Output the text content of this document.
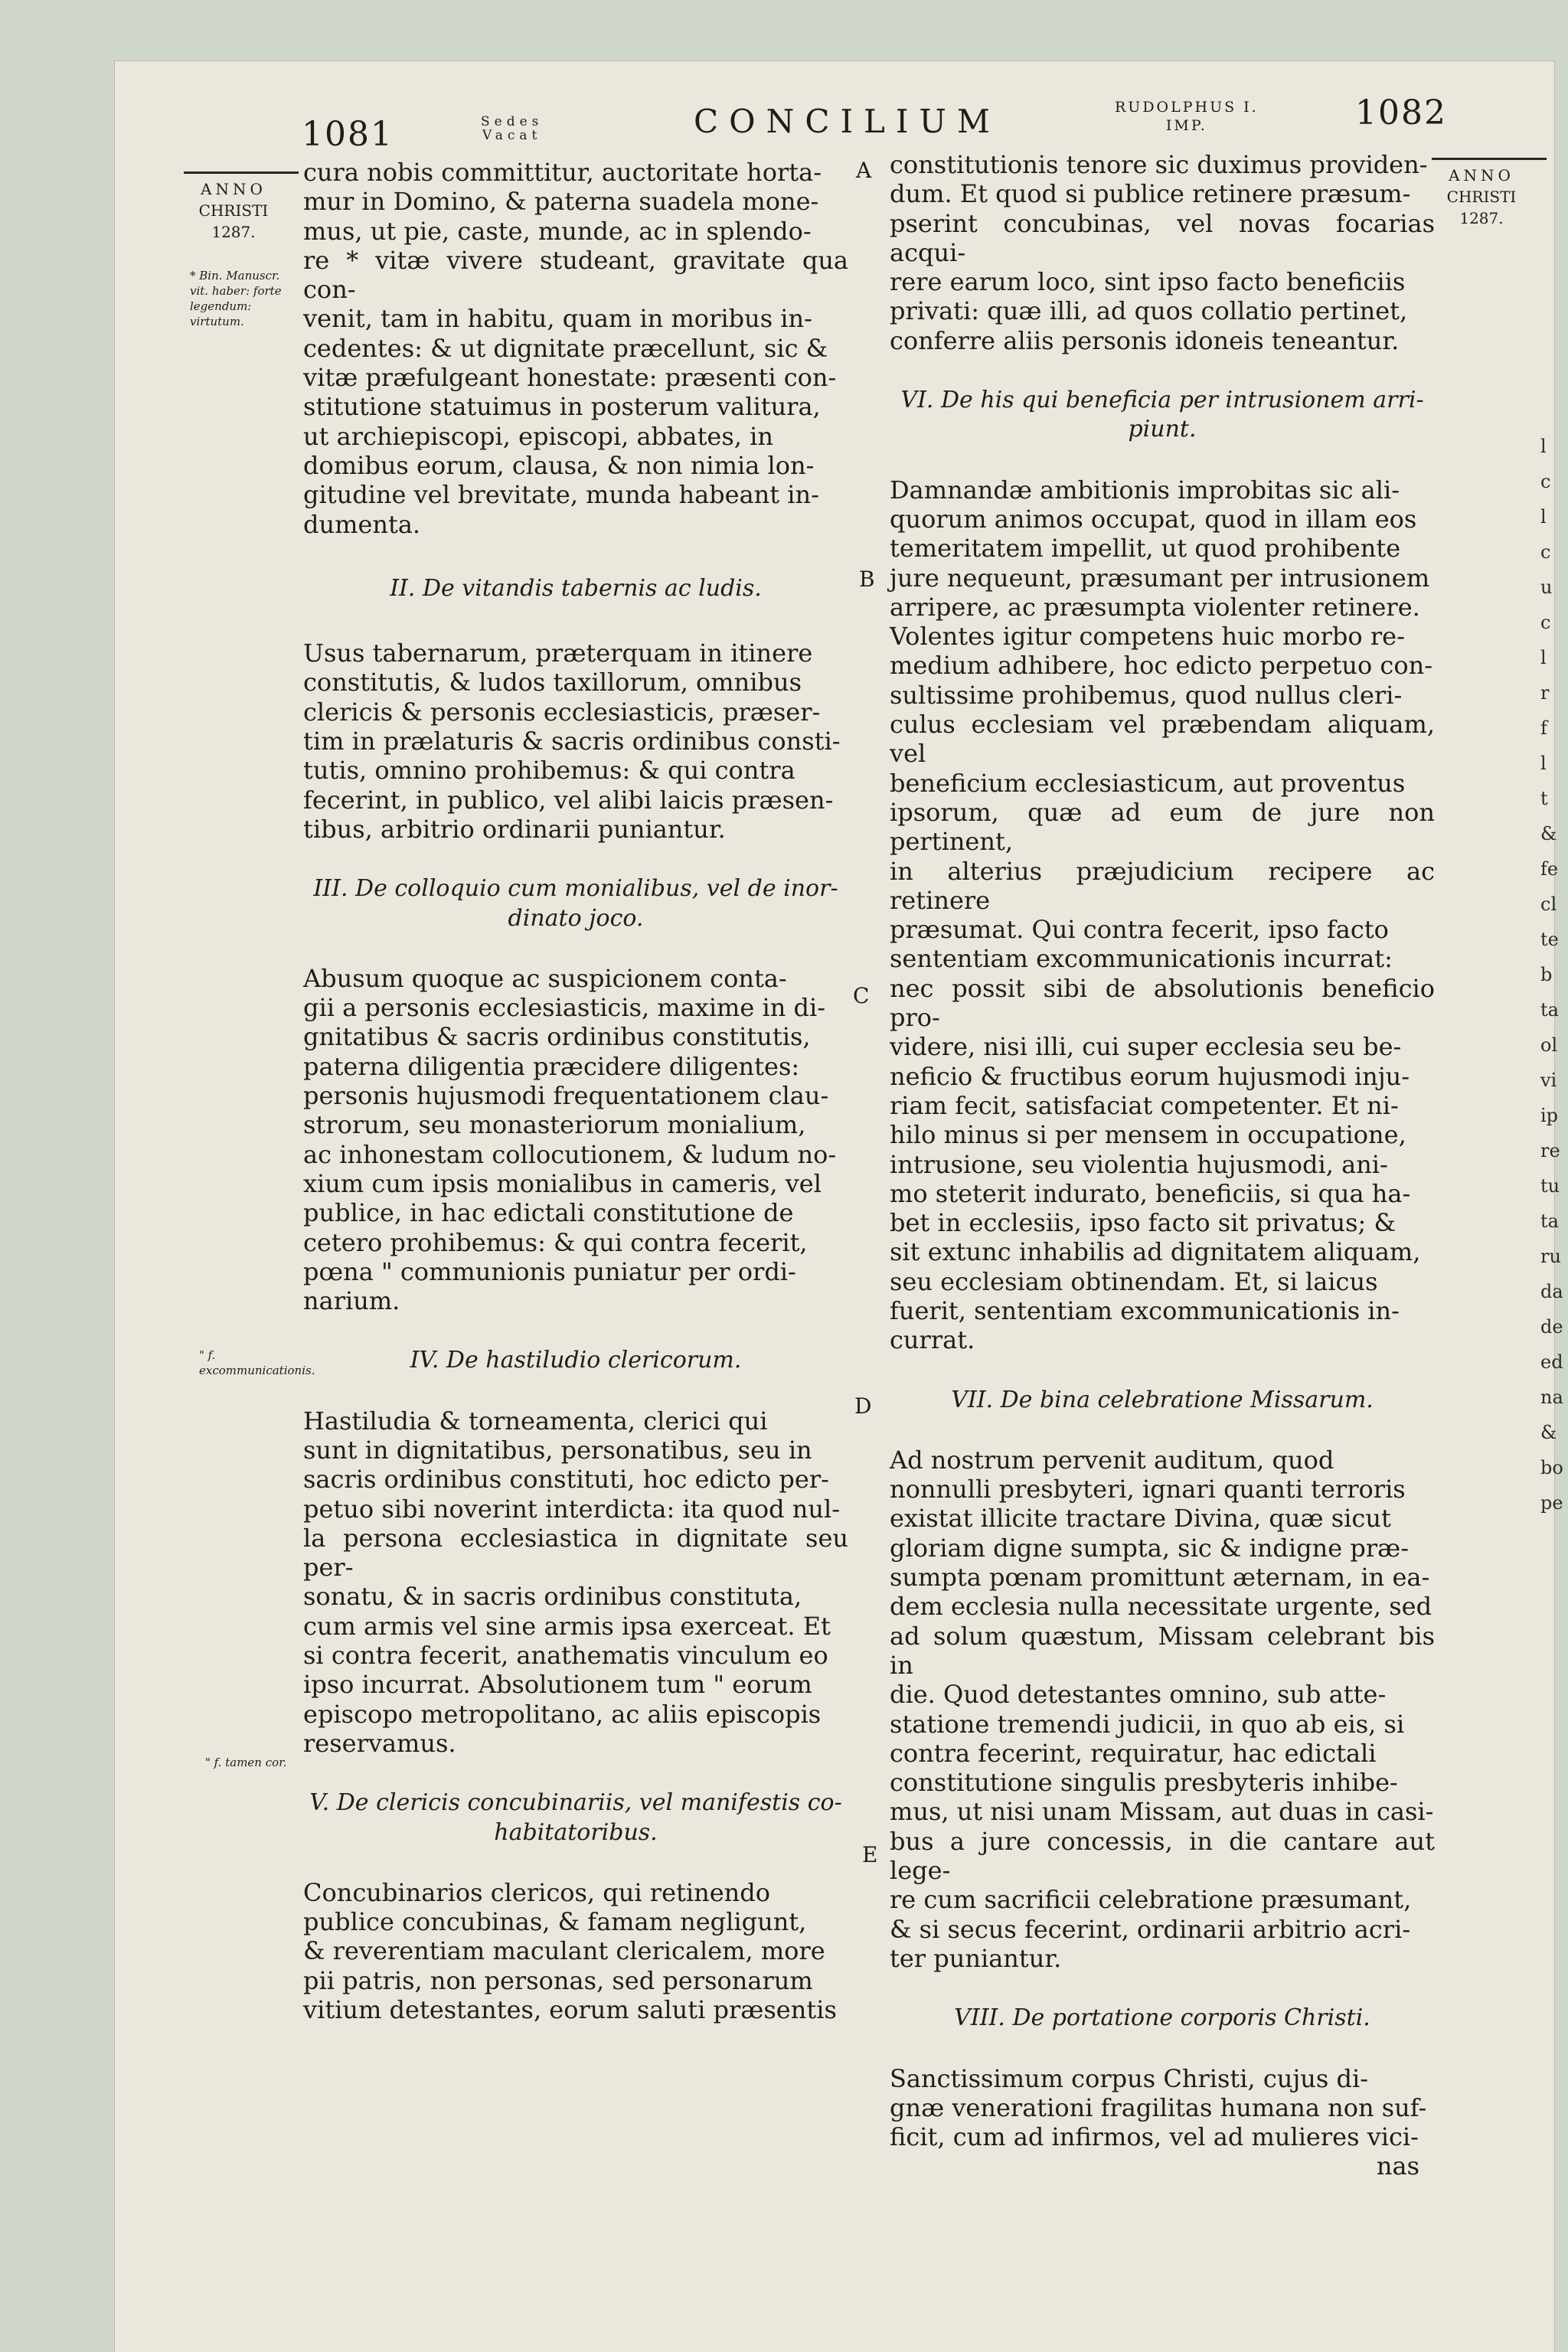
1081	Sedes
Vacat	CONCILIUM	RUDOLPHUS I.
IMP.	1082
ANNO
CHRISTI
1287.
* Bin. Manuscr. vit. haber: forte legendum: virtutum.
" f. excommunicationis.
" f. tamen cor.
ANNO
CHRISTI
1287.
A
B
C
D
E

cura nobis committitur, auctoritate horta-
mur in Domino, & paterna suadela mone-
mus, ut pie, caste, munde, ac in splendo-
re * vitæ vivere studeant, gravitate qua con-
venit, tam in habitu, quam in moribus in-
cedentes: & ut dignitate præcellunt, sic &
vitæ præfulgeant honestate: præsenti con-
stitutione statuimus in posterum valitura,
ut archiepiscopi, episcopi, abbates, in
domibus eorum, clausa, & non nimia lon-
gitudine vel brevitate, munda habeant in-
dumenta.

II. De vitandis tabernis ac ludis.

Usus tabernarum, præterquam in itinere
constitutis, & ludos taxillorum, omnibus
clericis & personis ecclesiasticis, præser-
tim in prælaturis & sacris ordinibus consti-
tutis, omnino prohibemus: & qui contra
fecerint, in publico, vel alibi laicis præsen-
tibus, arbitrio ordinarii puniantur.

III. De colloquio cum monialibus, vel de inor-
dinato joco.

Abusum quoque ac suspicionem conta-
gii a personis ecclesiasticis, maxime in di-
gnitatibus & sacris ordinibus constitutis,
paterna diligentia præcidere diligentes:
personis hujusmodi frequentationem clau-
strorum, seu monasteriorum monialium,
ac inhonestam collocutionem, & ludum no-
xium cum ipsis monialibus in cameris, vel
publice, in hac edictali constitutione de
cetero prohibemus: & qui contra fecerit,
pœna " communionis puniatur per ordi-
narium.

IV. De hastiludio clericorum.

Hastiludia & torneamenta, clerici qui
sunt in dignitatibus, personatibus, seu in
sacris ordinibus constituti, hoc edicto per-
petuo sibi noverint interdicta: ita quod nul-
la persona ecclesiastica in dignitate seu per-
sonatu, & in sacris ordinibus constituta,
cum armis vel sine armis ipsa exerceat. Et
si contra fecerit, anathematis vinculum eo
ipso incurrat. Absolutionem tum " eorum
episcopo metropolitano, ac aliis episcopis
reservamus.

V. De clericis concubinariis, vel manifestis co-
habitatoribus.

Concubinarios clericos, qui retinendo
publice concubinas, & famam negligunt,
& reverentiam maculant clericalem, more
pii patris, non personas, sed personarum
vitium detestantes, eorum saluti præsentis

constitutionis tenore sic duximus providen-
dum. Et quod si publice retinere præsum-
pserint concubinas, vel novas focarias acqui-
rere earum loco, sint ipso facto beneficiis
privati: quæ illi, ad quos collatio pertinet,
conferre aliis personis idoneis teneantur.

VI. De his qui beneficia per intrusionem arri-
piunt.

Damnandæ ambitionis improbitas sic ali-
quorum animos occupat, quod in illam eos
temeritatem impellit, ut quod prohibente
jure nequeunt, præsumant per intrusionem
arripere, ac præsumpta violenter retinere.
Volentes igitur competens huic morbo re-
medium adhibere, hoc edicto perpetuo con-
sultissime prohibemus, quod nullus cleri-
culus ecclesiam vel præbendam aliquam, vel
beneficium ecclesiasticum, aut proventus
ipsorum, quæ ad eum de jure non pertinent,
in alterius præjudicium recipere ac retinere
præsumat. Qui contra fecerit, ipso facto
sententiam excommunicationis incurrat:
nec possit sibi de absolutionis beneficio pro-
videre, nisi illi, cui super ecclesia seu be-
neficio & fructibus eorum hujusmodi inju-
riam fecit, satisfaciat competenter. Et ni-
hilo minus si per mensem in occupatione,
intrusione, seu violentia hujusmodi, ani-
mo steterit indurato, beneficiis, si qua ha-
bet in ecclesiis, ipso facto sit privatus; &
sit extunc inhabilis ad dignitatem aliquam,
seu ecclesiam obtinendam. Et, si laicus
fuerit, sententiam excommunicationis in-
currat.

VII. De bina celebratione Missarum.

Ad nostrum pervenit auditum, quod
nonnulli presbyteri, ignari quanti terroris
existat illicite tractare Divina, quæ sicut
gloriam digne sumpta, sic & indigne præ-
sumpta pœnam promittunt æternam, in ea-
dem ecclesia nulla necessitate urgente, sed
ad solum quæstum, Missam celebrant bis in
die. Quod detestantes omnino, sub atte-
statione tremendi judicii, in quo ab eis, si
contra fecerint, requiratur, hac edictali
constitutione singulis presbyteris inhibe-
mus, ut nisi unam Missam, aut duas in casi-
bus a jure concessis, in die cantare aut lege-
re cum sacrificii celebratione præsumant,
& si secus fecerint, ordinarii arbitrio acri-
ter puniantur.

VIII. De portatione corporis Christi.

Sanctissimum corpus Christi, cujus di-
gnæ venerationi fragilitas humana non suf-
ficit, cum ad infirmos, vel ad mulieres vici-

nas

l
c
l
c
u
c
l
r
f
l
t
&
fe
cl
te
b
ta
ol
vi
ip
re
tu
ta
ru
da
de
ed
na
&
bo
pe
